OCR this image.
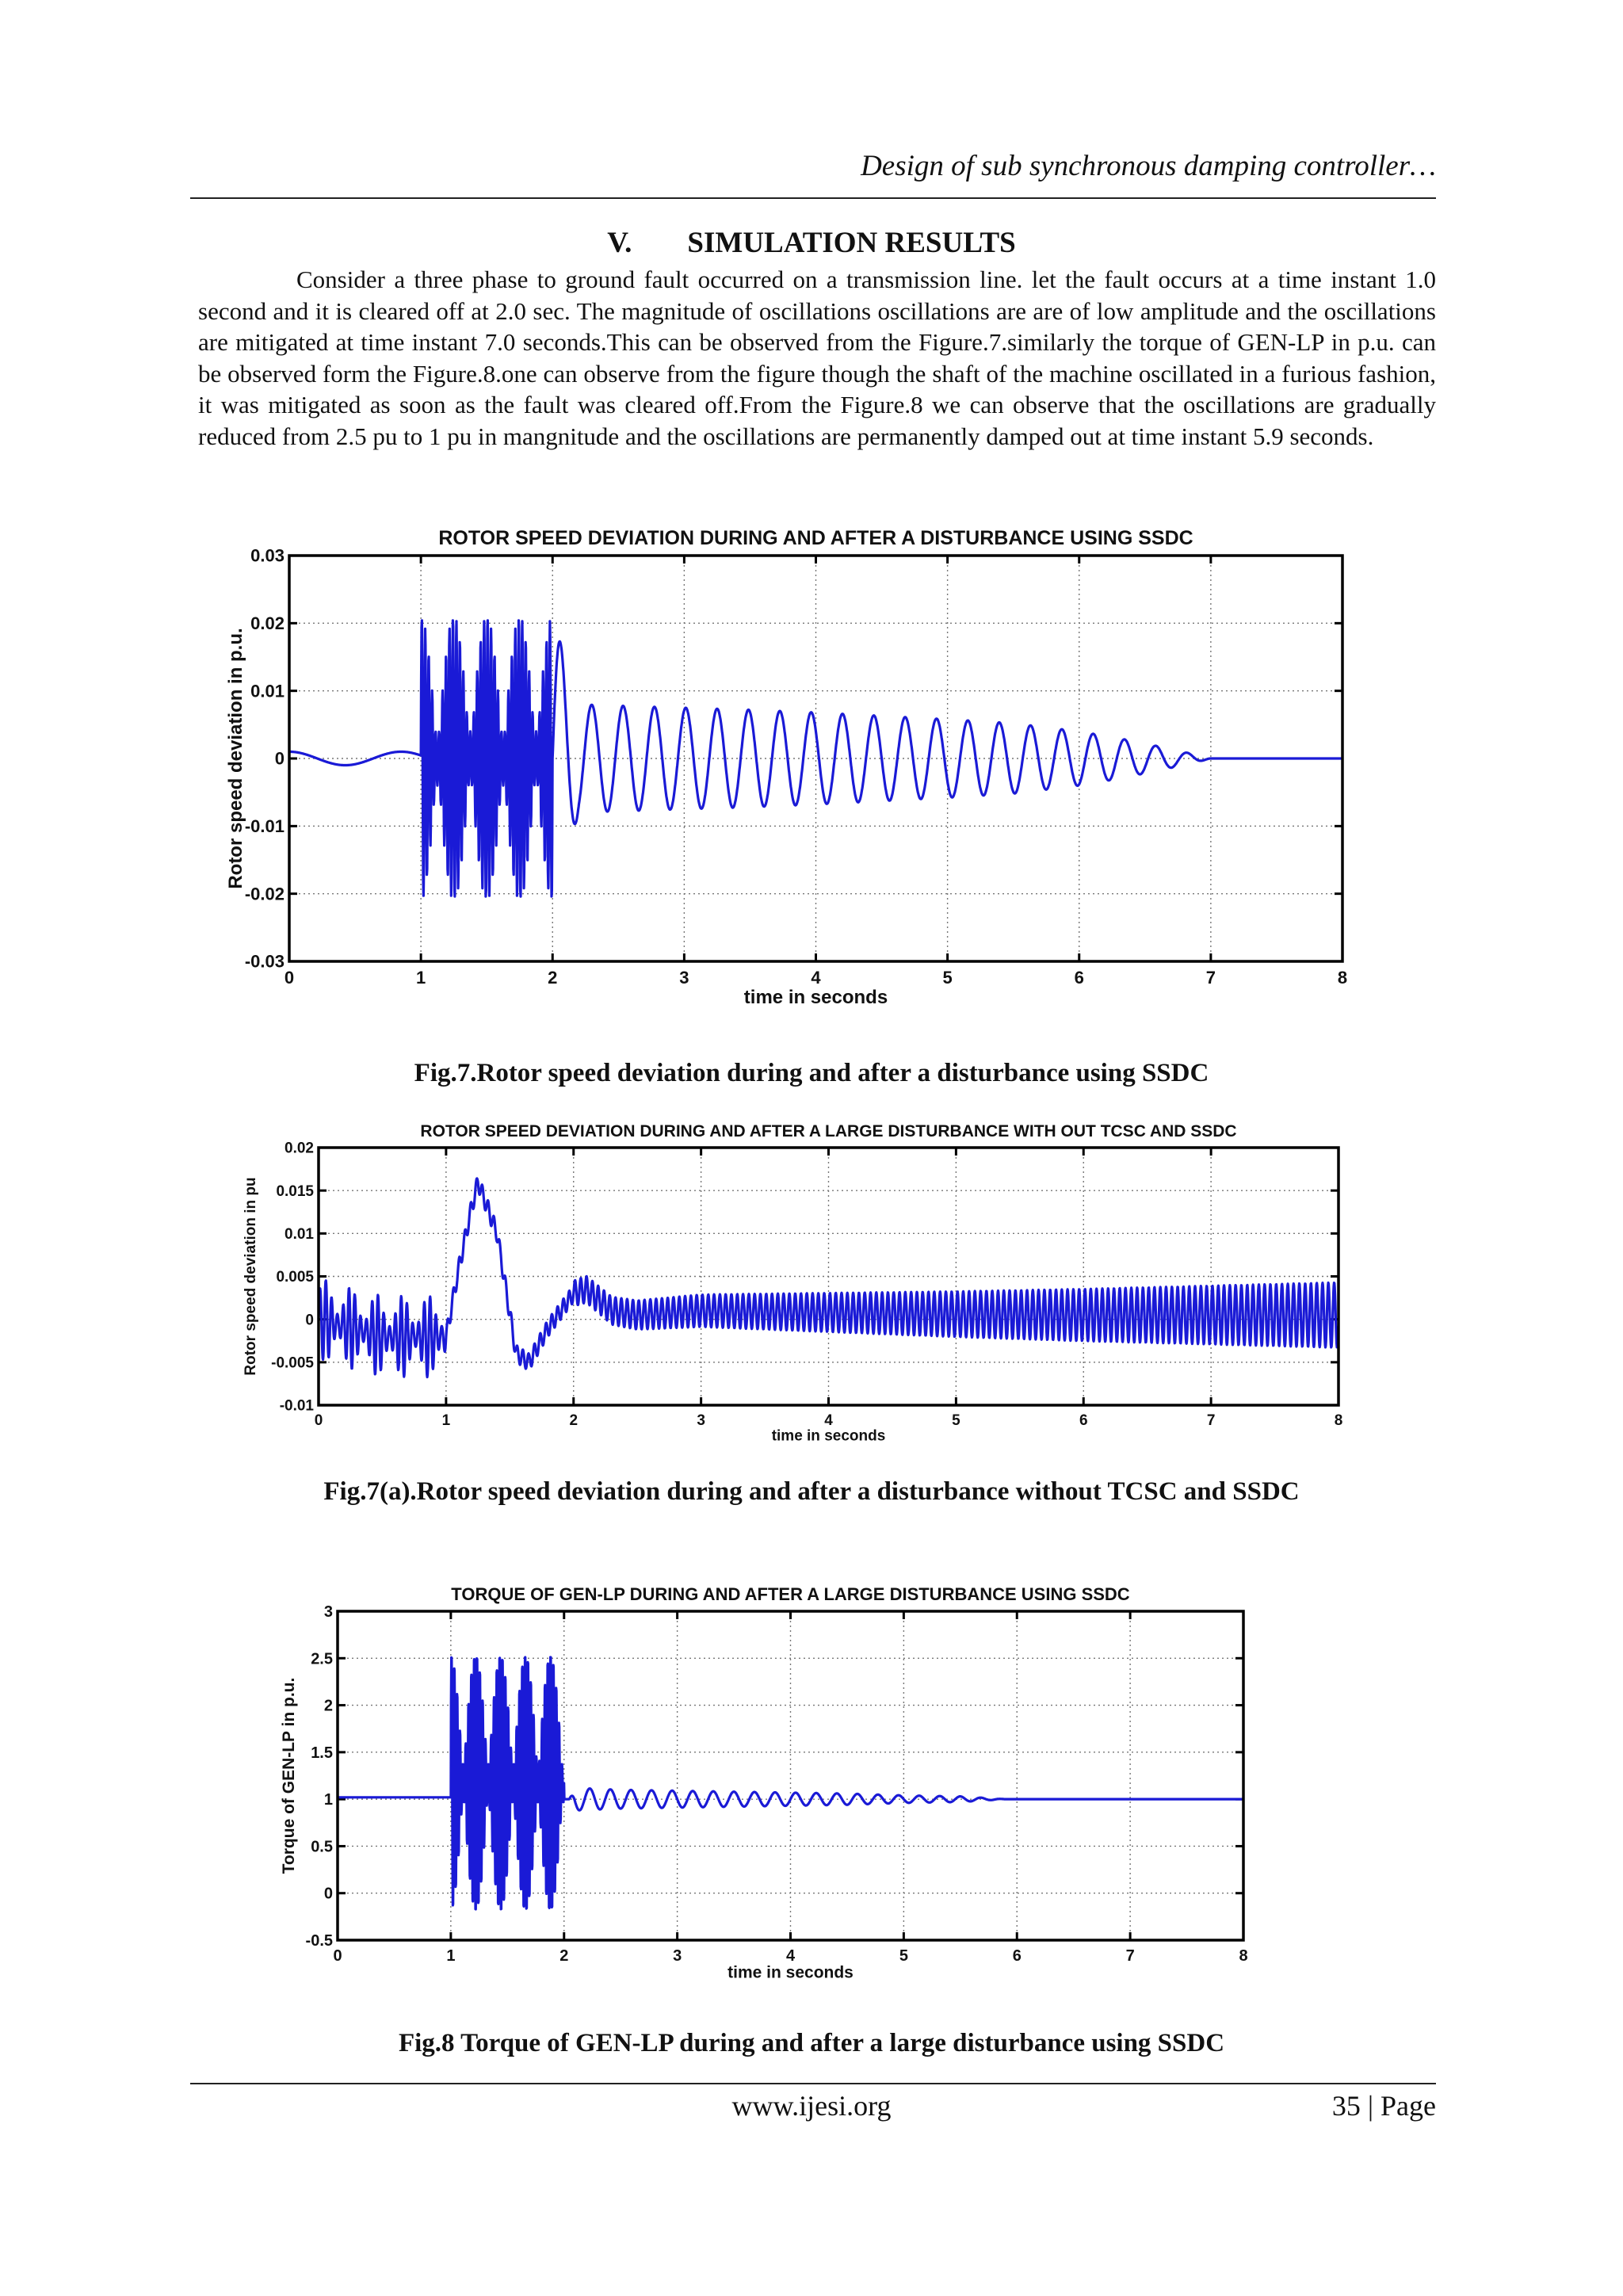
Design of sub synchronous damping controller…
V. SIMULATION RESULTS

Consider a three phase to ground fault occurred on a transmission line. let the fault occurs at a time instant 1.0 second and it is cleared off at 2.0 sec. The magnitude of oscillations oscillations are are of low amplitude and the oscillations are mitigated at time instant 7.0 seconds.This can be observed from the Figure.7.similarly the torque of GEN-LP in p.u. can be observed form the Figure.8.one can observe from the figure though the shaft of the machine oscillated in a furious fashion, it was mitigated as soon as the fault was cleared off.From the Figure.8 we can observe that the oscillations are gradually reduced from 2.5 pu to 1 pu in mangnitude and the oscillations are permanently damped out at time instant 5.9 seconds.

ROTOR SPEED DEVIATION DURING AND AFTER A DISTURBANCE USING SSDC
0	1	2	3	4	5	6	7	8
0.03
0.02
0.01
0
-0.01
-0.02
-0.03
time in seconds
Rotor speed deviation in p.u.
Fig.7.Rotor speed deviation during and after a disturbance using SSDC
ROTOR SPEED DEVIATION DURING AND AFTER A LARGE DISTURBANCE WITH OUT TCSC AND SSDC
0	1	2	3	4	5	6	7	8
0.02
0.015
0.01
0.005
0
-0.005
-0.01
time in seconds
Rotor speed deviation in pu
Fig.7(a).Rotor speed deviation during and after a disturbance without TCSC and SSDC
TORQUE OF GEN-LP DURING AND AFTER A LARGE DISTURBANCE USING SSDC
0	1	2	3	4	5	6	7	8
3
2.5
2
1.5
1
0.5
0
-0.5
time in seconds
Torque of GEN-LP in p.u.
Fig.8 Torque of GEN-LP during and after a large disturbance using SSDC
www.ijesi.org	35 | Page
